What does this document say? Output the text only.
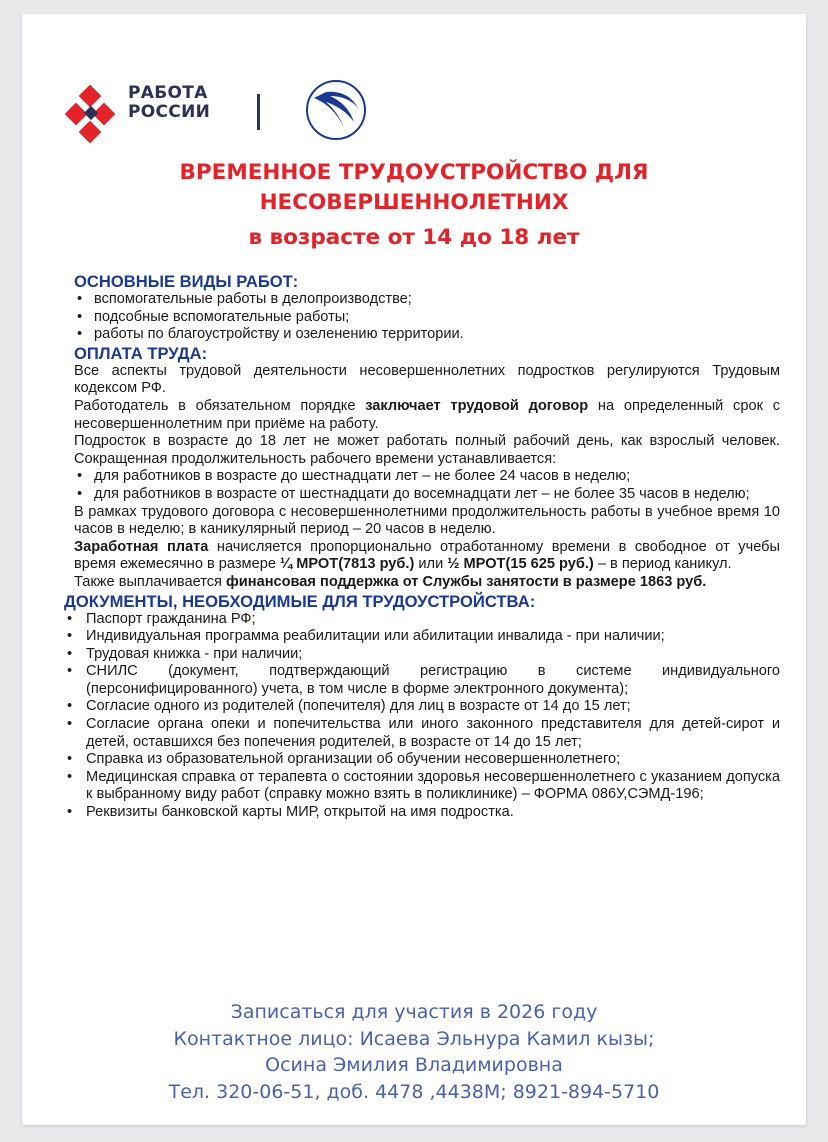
РАБОТА
РОССИИ
ВРЕМЕННОЕ ТРУДОУСТРОЙСТВО ДЛЯ
НЕСОВЕРШЕННОЛЕТНИХ
в возрасте от 14 до 18 лет
ОСНОВНЫЕ ВИДЫ РАБОТ:
• вспомогательные работы в делопроизводстве;
• подсобные вспомогательные работы;
• работы по благоустройству и озеленению территории.
ОПЛАТА ТРУДА:

Все аспекты трудовой деятельности несовершеннолетних подростков регулируются Трудовым кодексом РФ.

Работодатель в обязательном порядке заключает трудовой договор на определенный срок с несовершеннолетним при приёме на работу.

Подросток в возрасте до 18 лет не может работать полный рабочий день, как взрослый человек. Сокращенная продолжительность рабочего времени устанавливается:

• для работников в возрасте до шестнадцати лет – не более 24 часов в неделю;
• для работников в возрасте от шестнадцати до восемнадцати лет – не более 35 часов в неделю;

В рамках трудового договора с несовершеннолетними продолжительность работы в учебное время 10 часов в неделю; в каникулярный период – 20 часов в неделю.

Заработная плата начисляется пропорционально отработанному времени в свободное от учебы время ежемесячно в размере ¼ МРОТ(7813 руб.) или ½ МРОТ(15 625 руб.) – в период каникул.

Также выплачивается финансовая поддержка от Службы занятости в размере 1863 руб.

ДОКУМЕНТЫ, НЕОБХОДИМЫЕ ДЛЯ ТРУДОУСТРОЙСТВА:
• Паспорт гражданина РФ;
• Индивидуальная программа реабилитации или абилитации инвалида - при наличии;
• Трудовая книжка - при наличии;
• СНИЛС (документ, подтверждающий регистрацию в системе индивидуального (персонифицированного) учета, в том числе в форме электронного документа);
• Согласие одного из родителей (попечителя) для лиц в возрасте от 14 до 15 лет;
• Согласие органа опеки и попечительства или иного законного представителя для детей-сирот и детей, оставшихся без попечения родителей, в возрасте от 14 до 15 лет;
• Справка из образовательной организации об обучении несовершеннолетнего;
• Медицинская справка от терапевта о состоянии здоровья несовершеннолетнего с указанием допуска к выбранному виду работ (справку можно взять в поликлинике) – ФОРМА 086У,СЭМД-196;
• Реквизиты банковской карты МИР, открытой на имя подростка.
Записаться для участия в 2026 году
Контактное лицо: Исаева Эльнура Камил кызы;
Осина Эмилия Владимировна
Тел. 320-06-51, доб. 4478 ,4438М; 8921-894-5710
